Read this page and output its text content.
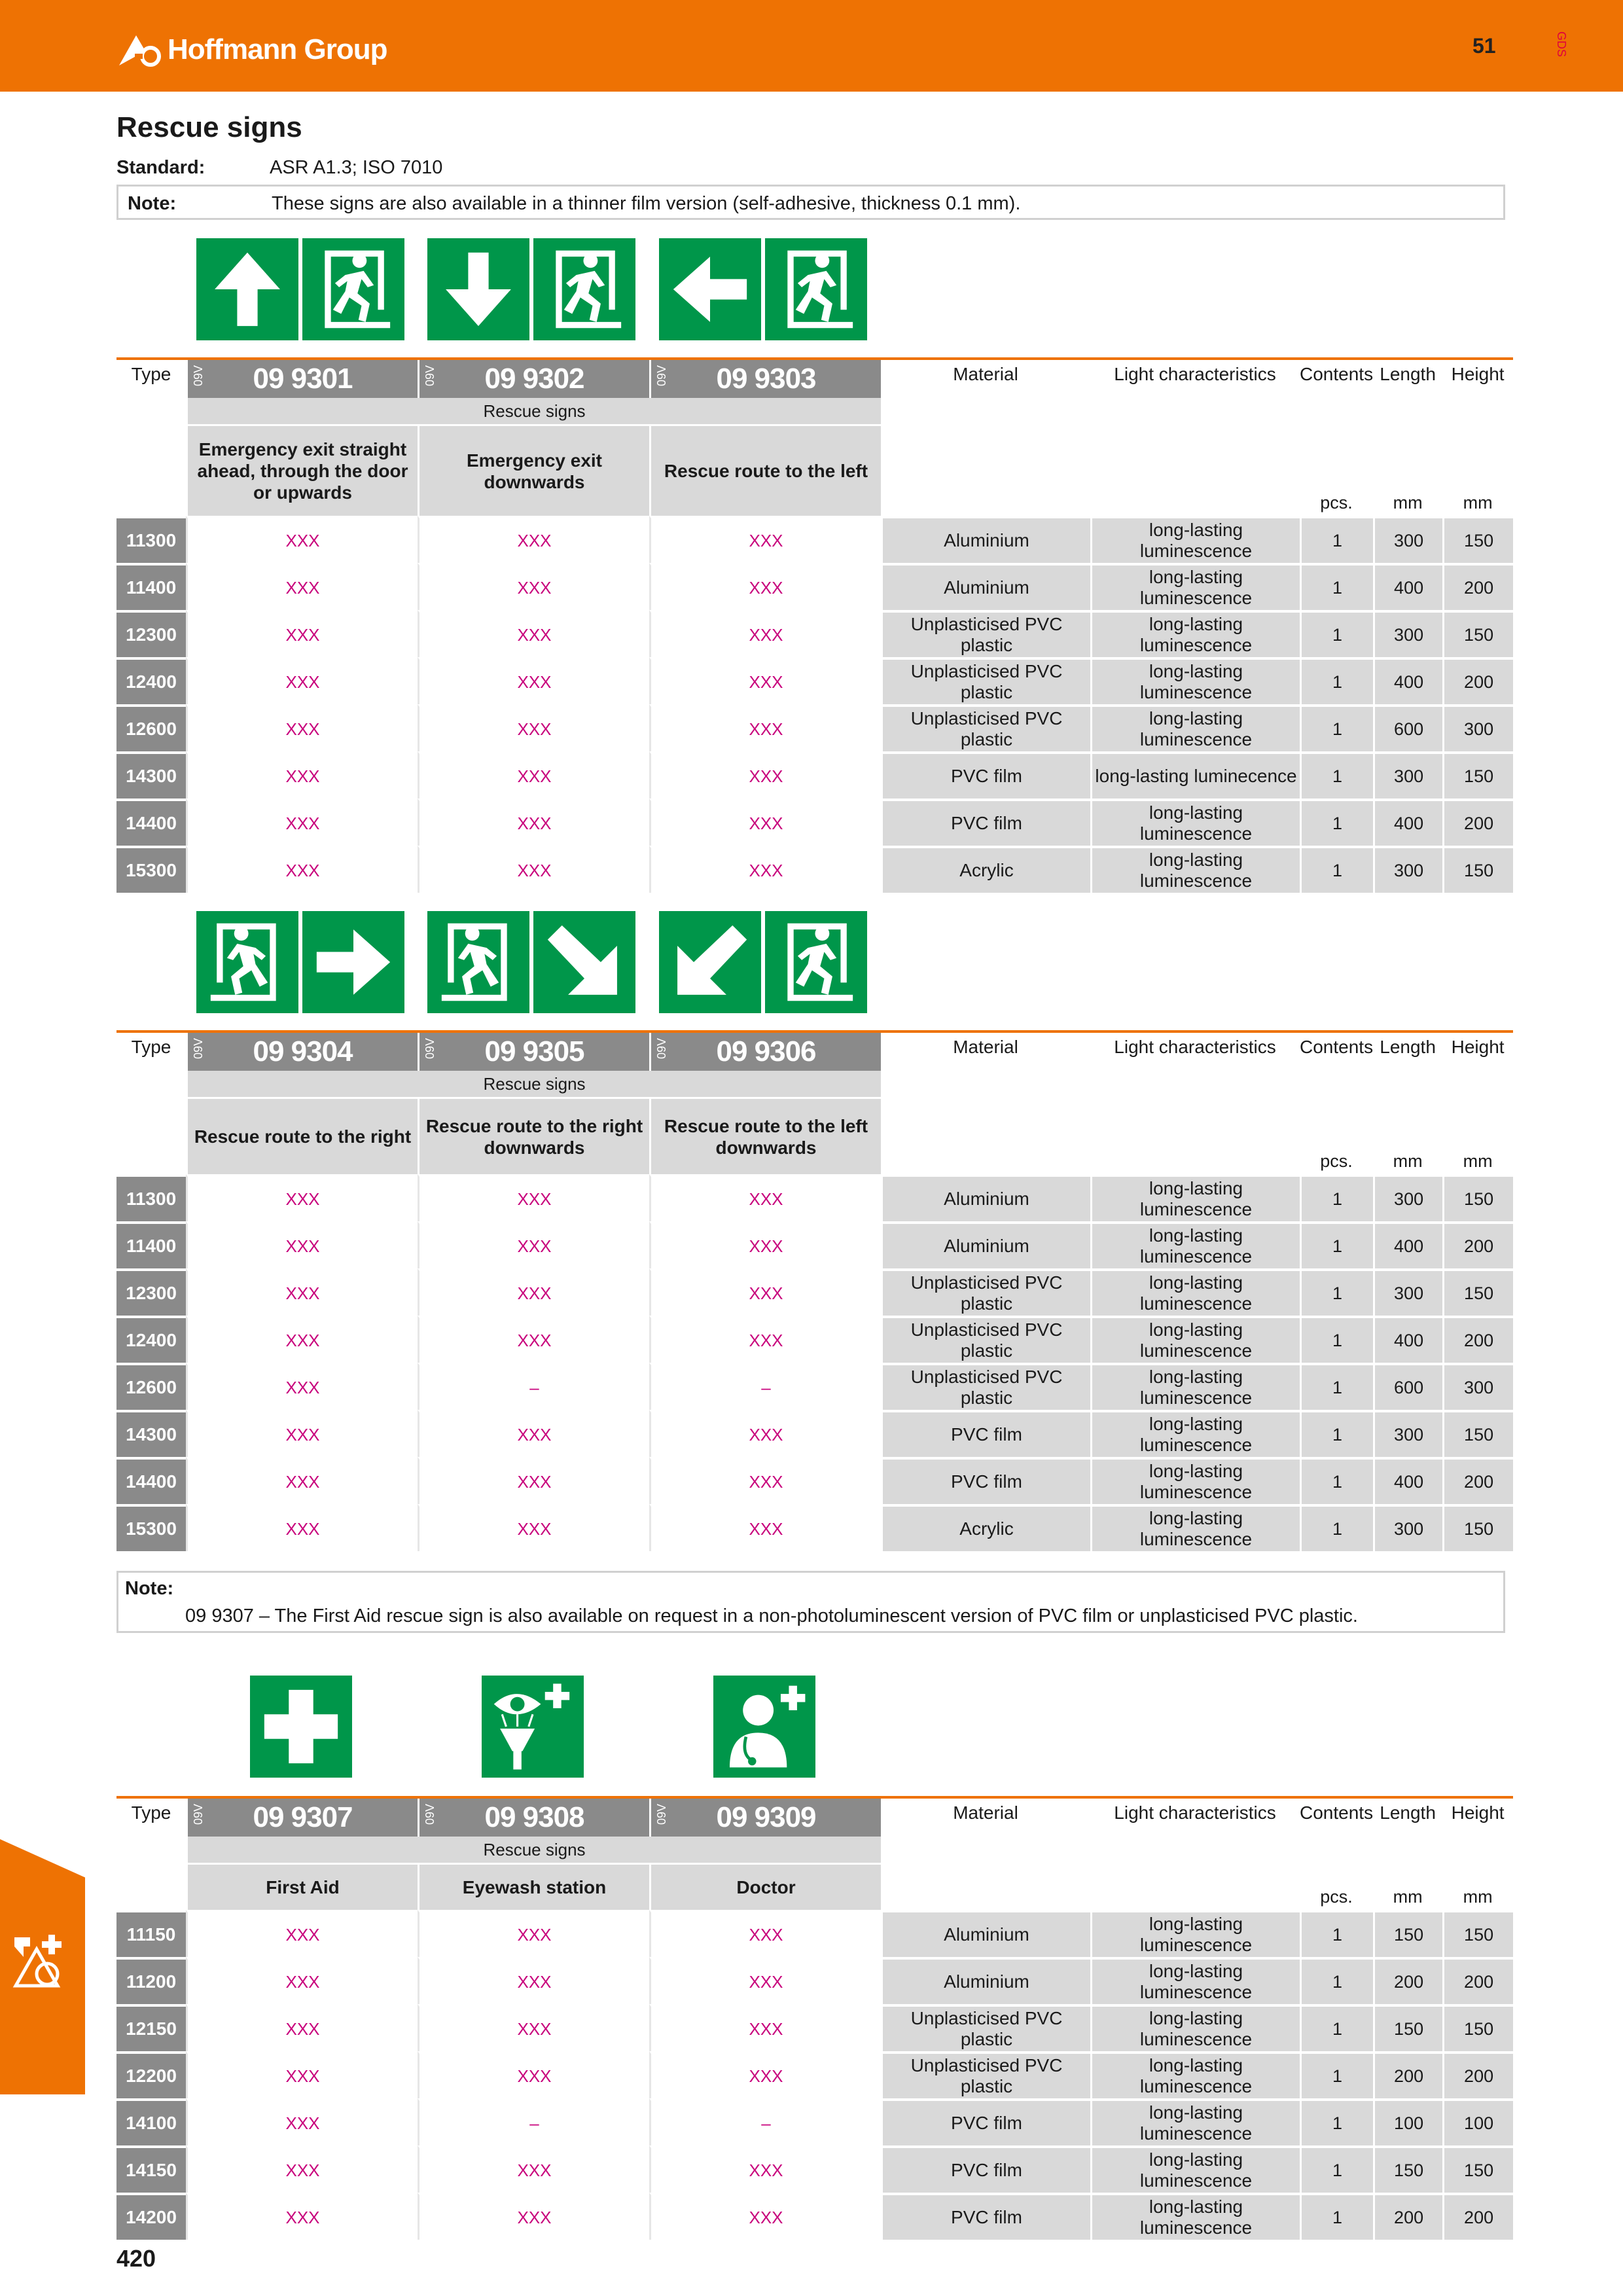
Hoffmann Group	51	GDS
Rescue signs
Standard:	ASR A1.3; ISO 7010
Note:	These signs are also available in a thinner film version (self-adhesive, thickness 0.1 mm).
Type	09V 09 9301	09V 09 9302	09V 09 9303	Material	Light characteristics	Contents	Length	Height
	Rescue signs							
	Emergency exit straight ahead, through the door or upwards	Emergency exit downwards	Rescue route to the left			pcs.	mm	mm
11300	XXX	XXX	XXX	Aluminium	long-lasting luminescence	1	300	150
11400	XXX	XXX	XXX	Aluminium	long-lasting luminescence	1	400	200
12300	XXX	XXX	XXX	Unplasticised PVC plastic	long-lasting luminescence	1	300	150
12400	XXX	XXX	XXX	Unplasticised PVC plastic	long-lasting luminescence	1	400	200
12600	XXX	XXX	XXX	Unplasticised PVC plastic	long-lasting luminescence	1	600	300
14300	XXX	XXX	XXX	PVC film	long-lasting luminecence	1	300	150
14400	XXX	XXX	XXX	PVC film	long-lasting luminescence	1	400	200
15300	XXX	XXX	XXX	Acrylic	long-lasting luminescence	1	300	150
Type	09V 09 9304	09V 09 9305	09V 09 9306	Material	Light characteristics	Contents	Length	Height
	Rescue signs							
	Rescue route to the right	Rescue route to the right downwards	Rescue route to the left downwards			pcs.	mm	mm
11300	XXX	XXX	XXX	Aluminium	long-lasting luminescence	1	300	150
11400	XXX	XXX	XXX	Aluminium	long-lasting luminescence	1	400	200
12300	XXX	XXX	XXX	Unplasticised PVC plastic	long-lasting luminescence	1	300	150
12400	XXX	XXX	XXX	Unplasticised PVC plastic	long-lasting luminescence	1	400	200
12600	XXX	–	–	Unplasticised PVC plastic	long-lasting luminescence	1	600	300
14300	XXX	XXX	XXX	PVC film	long-lasting luminescence	1	300	150
14400	XXX	XXX	XXX	PVC film	long-lasting luminescence	1	400	200
15300	XXX	XXX	XXX	Acrylic	long-lasting luminescence	1	300	150
Note:
09 9307 – The First Aid rescue sign is also available on request in a non-photoluminescent version of PVC film or unplasticised PVC plastic.
Type	09V 09 9307	09V 09 9308	09V 09 9309	Material	Light characteristics	Contents	Length	Height
	Rescue signs							
	First Aid	Eyewash station	Doctor			pcs.	mm	mm
11150	XXX	XXX	XXX	Aluminium	long-lasting luminescence	1	150	150
11200	XXX	XXX	XXX	Aluminium	long-lasting luminescence	1	200	200
12150	XXX	XXX	XXX	Unplasticised PVC plastic	long-lasting luminescence	1	150	150
12200	XXX	XXX	XXX	Unplasticised PVC plastic	long-lasting luminescence	1	200	200
14100	XXX	–	–	PVC film	long-lasting luminescence	1	100	100
14150	XXX	XXX	XXX	PVC film	long-lasting luminescence	1	150	150
14200	XXX	XXX	XXX	PVC film	long-lasting luminescence	1	200	200
420
